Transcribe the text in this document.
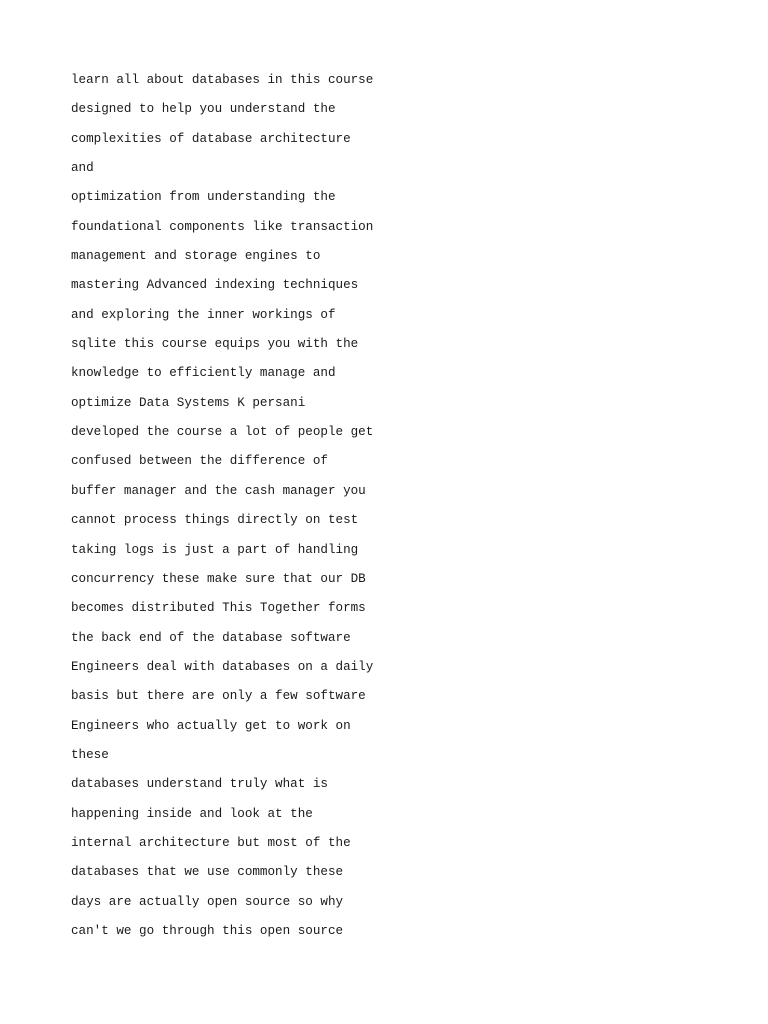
learn all about databases in this course
designed to help you understand the
complexities of database architecture
and
optimization from understanding the
foundational components like transaction
management and storage engines to
mastering Advanced indexing techniques
and exploring the inner workings of
sqlite this course equips you with the
knowledge to efficiently manage and
optimize Data Systems K persani
developed the course a lot of people get
confused between the difference of
buffer manager and the cash manager you
cannot process things directly on test
taking logs is just a part of handling
concurrency these make sure that our DB
becomes distributed This Together forms
the back end of the database software
Engineers deal with databases on a daily
basis but there are only a few software
Engineers who actually get to work on
these
databases understand truly what is
happening inside and look at the
internal architecture but most of the
databases that we use commonly these
days are actually open source so why
can't we go through this open source
